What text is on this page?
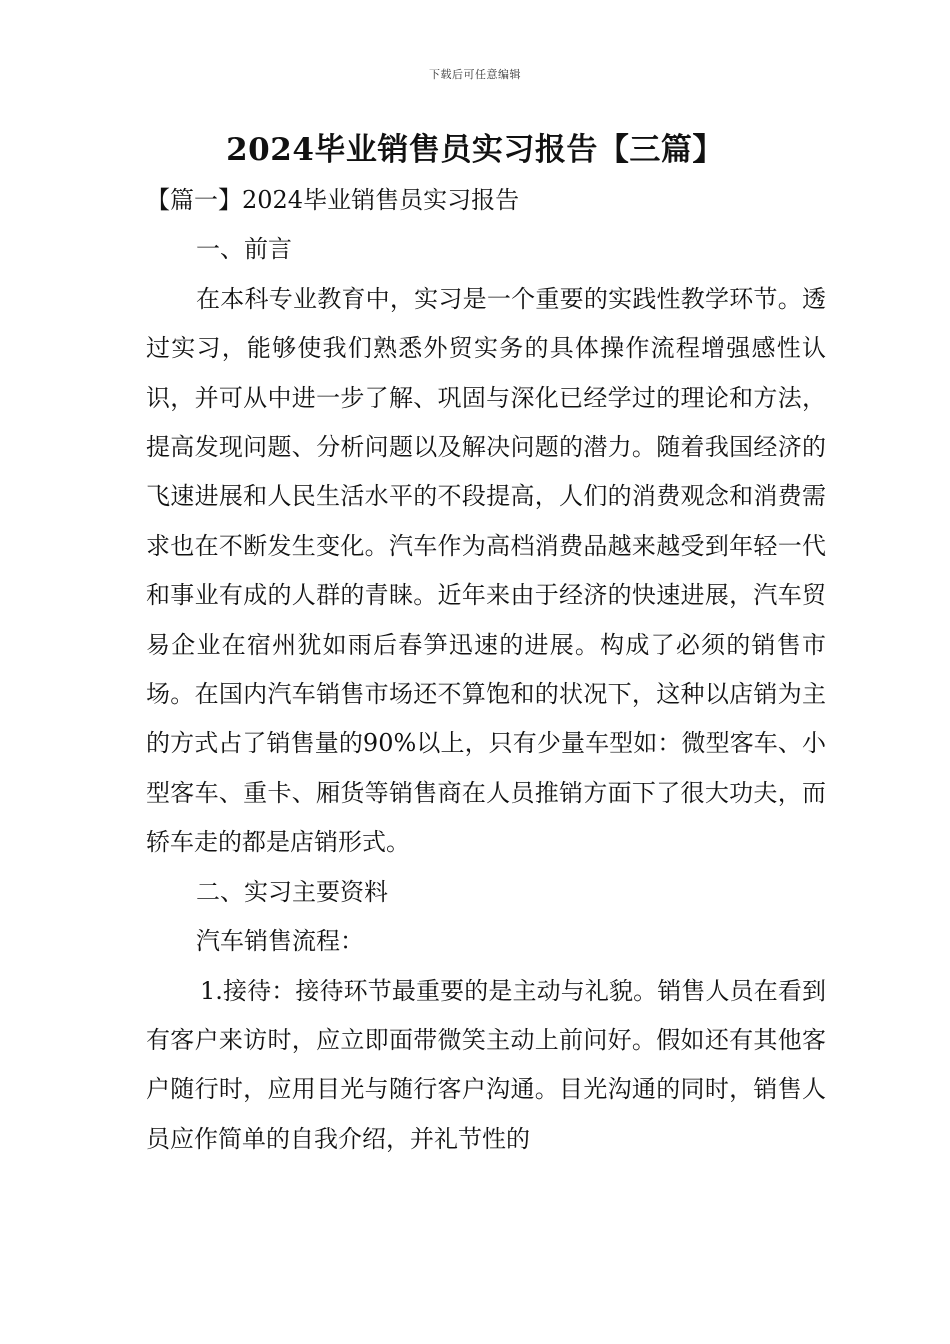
下载后可任意编辑
2024毕业销售员实习报告【三篇】

【篇一】2024毕业销售员实习报告

一、前言

在本科专业教育中，实习是一个重要的实践性教学环节。透过实习，能够使我们熟悉外贸实务的具体操作流程增强感性认识，并可从中进一步了解、巩固与深化已经学过的理论和方法，提高发现问题、分析问题以及解决问题的潜力。随着我国经济的飞速进展和人民生活水平的不段提高，人们的消费观念和消费需求也在不断发生变化。汽车作为高档消费品越来越受到年轻一代和事业有成的人群的青睐。近年来由于经济的快速进展，汽车贸易企业在宿州犹如雨后春笋迅速的进展。构成了必须的销售市场。在国内汽车销售市场还不算饱和的状况下，这种以店销为主的方式占了销售量的90%以上，只有少量车型如：微型客车、小型客车、重卡、厢货等销售商在人员推销方面下了很大功夫，而轿车走的都是店销形式。

二、实习主要资料

汽车销售流程：

1.接待：接待环节最重要的是主动与礼貌。销售人员在看到有客户来访时，应立即面带微笑主动上前问好。假如还有其他客户随行时，应用目光与随行客户沟通。目光沟通的同时，销售人员应作简单的自我介绍，并礼节性的
